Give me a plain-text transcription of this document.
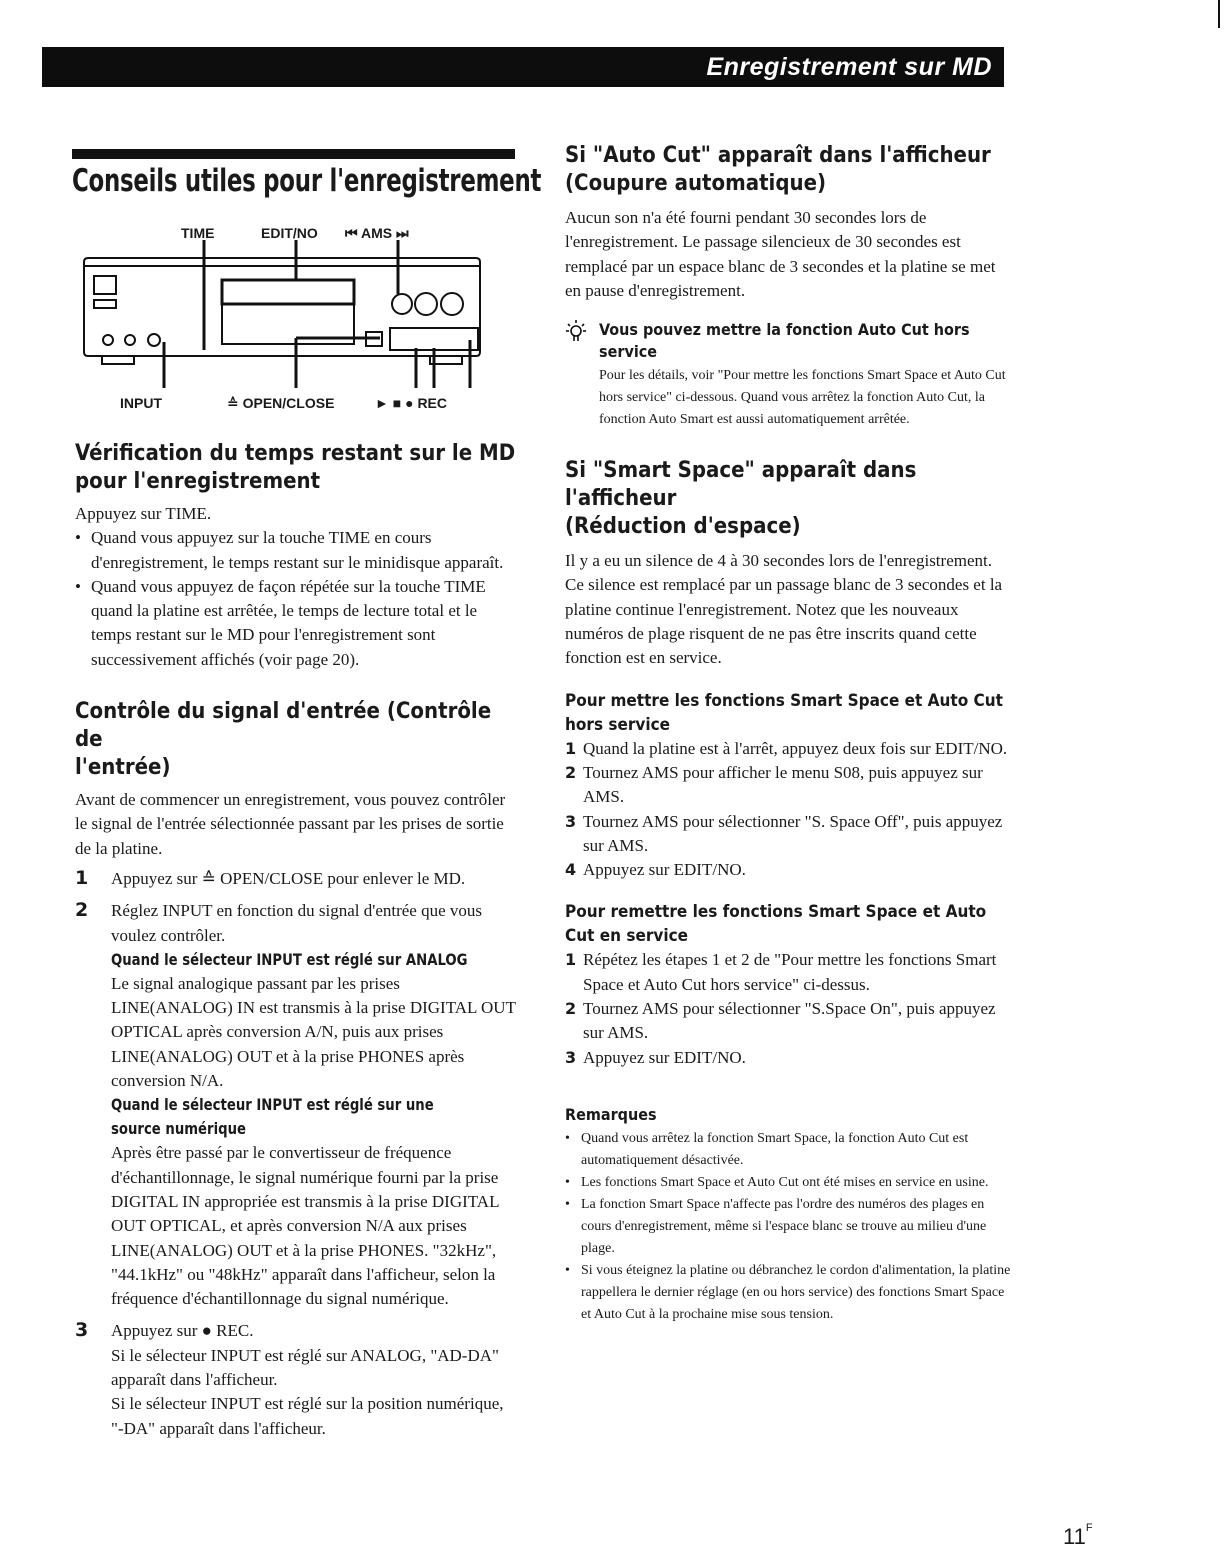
Enregistrement sur MD
Conseils utiles pour l'enregistrement
TIME	EDIT/NO ⏮ AMS ⏭
INPUT	≙ OPEN/CLOSE	► ■ ● REC
Vérification du temps restant sur le MD
pour l'enregistrement

Appuyez sur TIME.

• Quand vous appuyez sur la touche TIME en cours d'enregistrement, le temps restant sur le minidisque apparaît.
• Quand vous appuyez de façon répétée sur la touche TIME quand la platine est arrêtée, le temps de lecture total et le temps restant sur le MD pour l'enregistrement sont successivement affichés (voir page 20).
Contrôle du signal d'entrée (Contrôle de
l'entrée)

Avant de commencer un enregistrement, vous pouvez contrôler le signal de l'entrée sélectionnée passant par les prises de sortie de la platine.

1 Appuyez sur ≙ OPEN/CLOSE pour enlever le MD.

2 Réglez INPUT en fonction du signal d'entrée que vous voulez contrôler.

Quand le sélecteur INPUT est réglé sur ANALOG

Le signal analogique passant par les prises LINE(ANALOG) IN est transmis à la prise DIGITAL OUT OPTICAL après conversion A/N, puis aux prises LINE(ANALOG) OUT et à la prise PHONES après conversion N/A.

Quand le sélecteur INPUT est réglé sur une
source numérique

Après être passé par le convertisseur de fréquence d'échantillonnage, le signal numérique fourni par la prise DIGITAL IN appropriée est transmis à la prise DIGITAL OUT OPTICAL, et après conversion N/A aux prises LINE(ANALOG) OUT et à la prise PHONES. "32kHz", "44.1kHz" ou "48kHz" apparaît dans l'afficheur, selon la fréquence d'échantillonnage du signal numérique.

3 Appuyez sur ● REC.

Si le sélecteur INPUT est réglé sur ANALOG, "AD-DA" apparaît dans l'afficheur.

Si le sélecteur INPUT est réglé sur la position numérique, "-DA" apparaît dans l'afficheur.

Si "Auto Cut" apparaît dans l'afficheur
(Coupure automatique)

Aucun son n'a été fourni pendant 30 secondes lors de l'enregistrement. Le passage silencieux de 30 secondes est remplacé par un espace blanc de 3 secondes et la platine se met en pause d'enregistrement.

Vous pouvez mettre la fonction Auto Cut hors service

Pour les détails, voir "Pour mettre les fonctions Smart Space et Auto Cut hors service" ci-dessous. Quand vous arrêtez la fonction Auto Cut, la fonction Auto Smart est aussi automatiquement arrêtée.

Si "Smart Space" apparaît dans l'afficheur
(Réduction d'espace)

Il y a eu un silence de 4 à 30 secondes lors de l'enregistrement. Ce silence est remplacé par un passage blanc de 3 secondes et la platine continue l'enregistrement. Notez que les nouveaux numéros de plage risquent de ne pas être inscrits quand cette fonction est en service.

Pour mettre les fonctions Smart Space et Auto Cut hors service
1 Quand la platine est à l'arrêt, appuyez deux fois sur EDIT/NO.
2 Tournez AMS pour afficher le menu S08, puis appuyez sur AMS.
3 Tournez AMS pour sélectionner "S. Space Off", puis appuyez sur AMS.
4 Appuyez sur EDIT/NO.
Pour remettre les fonctions Smart Space et Auto Cut en service
1 Répétez les étapes 1 et 2 de "Pour mettre les fonctions Smart Space et Auto Cut hors service" ci-dessus.
2 Tournez AMS pour sélectionner "S.Space On", puis appuyez sur AMS.
3 Appuyez sur EDIT/NO.
Remarques
• Quand vous arrêtez la fonction Smart Space, la fonction Auto Cut est automatiquement désactivée.
• Les fonctions Smart Space et Auto Cut ont été mises en service en usine.
• La fonction Smart Space n'affecte pas l'ordre des numéros des plages en cours d'enregistrement, même si l'espace blanc se trouve au milieu d'une plage.
• Si vous éteignez la platine ou débranchez le cordon d'alimentation, la platine rappellera le dernier réglage (en ou hors service) des fonctions Smart Space et Auto Cut à la prochaine mise sous tension.
$11^F$
